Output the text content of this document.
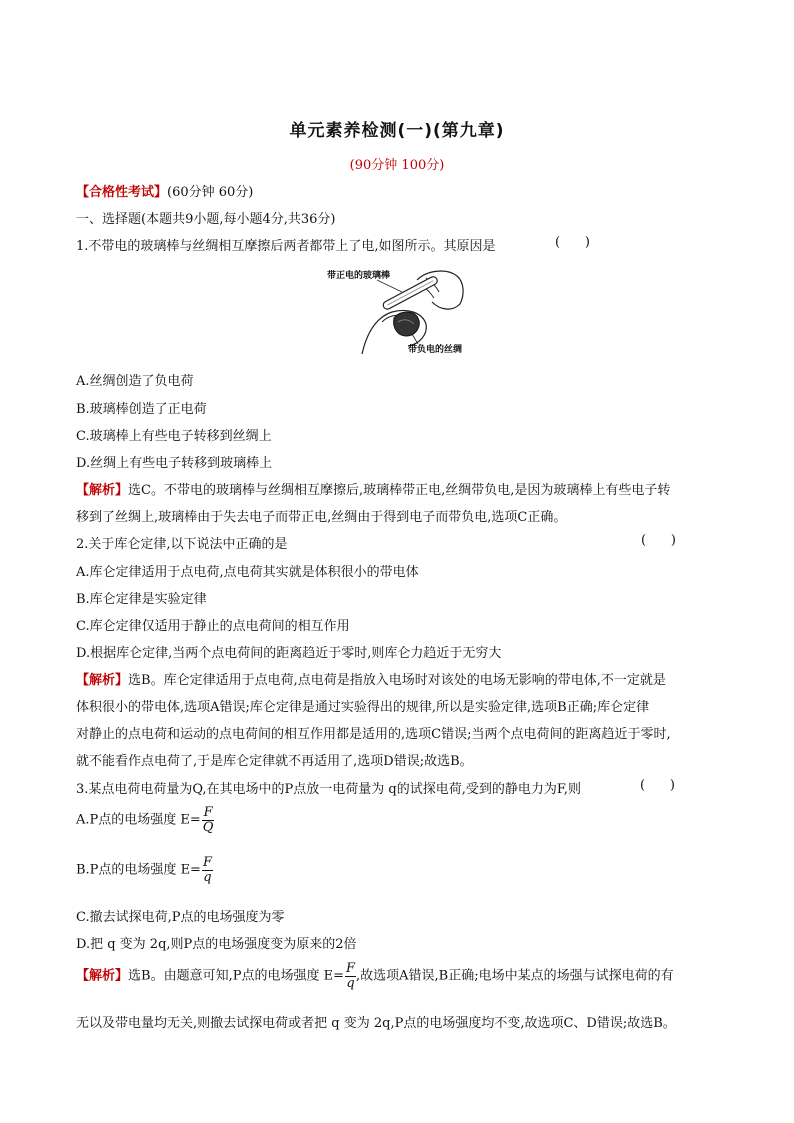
单元素养检测(一)(第九章)
(90分钟 100分)
【合格性考试】(60分钟 60分)
一、选择题(本题共9小题,每小题4分,共36分)
1.不带电的玻璃棒与丝绸相互摩擦后两者都带上了电,如图所示。其原因是	(      )
带正电的玻璃棒
带负电的丝绸
A.丝绸创造了负电荷
B.玻璃棒创造了正电荷
C.玻璃棒上有些电子转移到丝绸上
D.丝绸上有些电子转移到玻璃棒上
【解析】选C。不带电的玻璃棒与丝绸相互摩擦后,玻璃棒带正电,丝绸带负电,是因为玻璃棒上有些电子转
移到了丝绸上,玻璃棒由于失去电子而带正电,丝绸由于得到电子而带负电,选项C正确。
2.关于库仑定律,以下说法中正确的是	(      )
A.库仑定律适用于点电荷,点电荷其实就是体积很小的带电体
B.库仑定律是实验定律
C.库仑定律仅适用于静止的点电荷间的相互作用
D.根据库仑定律,当两个点电荷间的距离趋近于零时,则库仑力趋近于无穷大
【解析】选B。库仑定律适用于点电荷,点电荷是指放入电场时对该处的电场无影响的带电体,不一定就是
体积很小的带电体,选项A错误;库仑定律是通过实验得出的规律,所以是实验定律,选项B正确;库仑定律
对静止的点电荷和运动的点电荷间的相互作用都是适用的,选项C错误;当两个点电荷间的距离趋近于零时,
就不能看作点电荷了,于是库仑定律就不再适用了,选项D错误;故选B。
3.某点电荷电荷量为Q,在其电场中的P点放一电荷量为 q的试探电荷,受到的静电力为F,则	(      )
A.P点的电场强度 $E= \frac{F}{Q}$
B.P点的电场强度 $E= \frac{F}{q}$
C.撤去试探电荷,P点的电场强度为零
D.把 q 变为 2q,则P点的电场强度变为原来的2倍
【解析】选B。由题意可知,P点的电场强度 $E= \frac{F}{q}$ ,故选项A错误,B正确;电场中某点的场强与试探电荷的有
无以及带电量均无关,则撤去试探电荷或者把 q 变为 2q,P点的电场强度均不变,故选项C、D错误;故选B。
